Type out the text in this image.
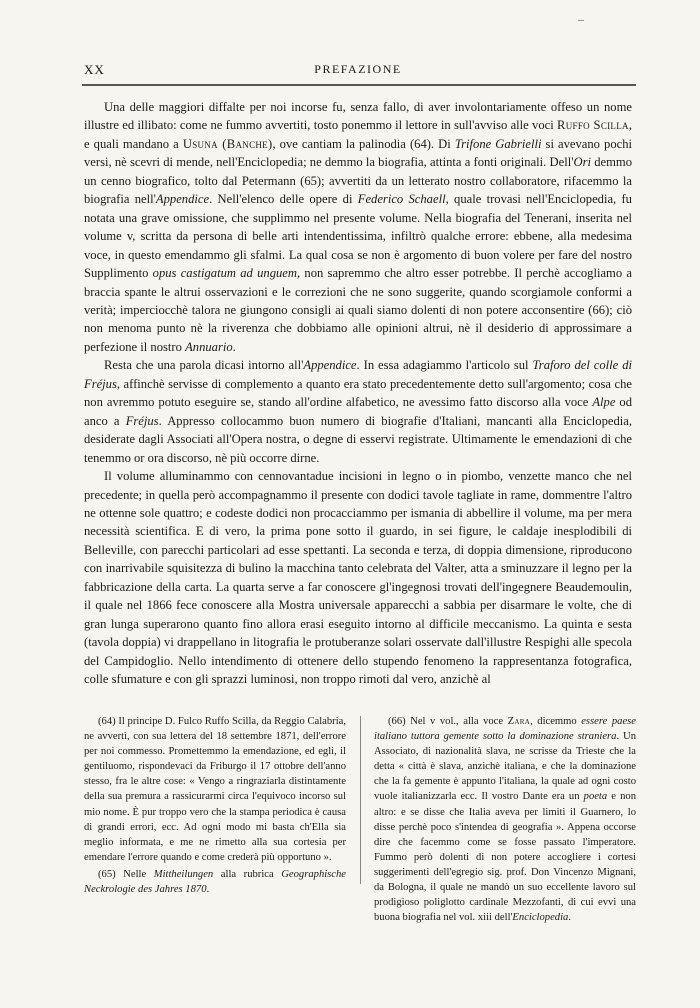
XX	PREFAZIONE

Una delle maggiori diffalte per noi incorse fu, senza fallo, di aver involontariamente offeso un nome illustre ed illibato: come ne fummo avvertiti, tosto ponemmo il lettore in sull'avviso alle voci Ruffo Scilla, e quali mandano a Usuna (Banche), ove cantiam la palinodia (64). Di Trifone Gabrielli si avevano pochi versi, nè scevri di mende, nell'Enciclopedia; ne demmo la biografia, attinta a fonti originali. Dell'Ori demmo un cenno biografico, tolto dal Petermann (65); avvertiti da un letterato nostro collaboratore, rifacemmo la biografia nell'Appendice. Nell'elenco delle opere di Federico Schaell, quale trovasi nell'Enciclopedia, fu notata una grave omissione, che supplimmo nel presente volume. Nella biografia del Tenerani, inserita nel volume v, scritta da persona di belle arti intendentissima, infiltrò qualche errore: ebbene, alla medesima voce, in questo emendammo gli sfalmi. La qual cosa se non è argomento di buon volere per fare del nostro Supplimento opus castigatum ad unguem, non sapremmo che altro esser potrebbe. Il perchè accogliamo a braccia spante le altrui osservazioni e le correzioni che ne sono suggerite, quando scorgiamole conformi a verità; imperciocchè talora ne giungono consigli ai quali siamo dolenti di non potere acconsentire (66); ciò non menoma punto nè la riverenza che dobbiamo alle opinioni altrui, nè il desiderio di approssimare a perfezione il nostro Annuario.

Resta che una parola dicasi intorno all'Appendice. In essa adagiammo l'articolo sul Traforo del colle di Fréjus, affinchè servisse di complemento a quanto era stato precedentemente detto sull'argomento; cosa che non avremmo potuto eseguire se, stando all'ordine alfabetico, ne avessimo fatto discorso alla voce Alpe od anco a Fréjus. Appresso collocammo buon numero di biografie d'Italiani, mancanti alla Enciclopedia, desiderate dagli Associati all'Opera nostra, o degne di esservi registrate. Ultimamente le emendazioni di che tenemmo or ora discorso, nè più occorre dirne.

Il volume alluminammo con cennovantadue incisioni in legno o in piombo, venzette manco che nel precedente; in quella però accompagnammo il presente con dodici tavole tagliate in rame, dommentre l'altro ne ottenne sole quattro; e codeste dodici non procacciammo per ismania di abbellire il volume, ma per mera necessità scientifica. E di vero, la prima pone sotto il guardo, in sei figure, le caldaje inesplodibili di Belleville, con parecchi particolari ad esse spettanti. La seconda e terza, di doppia dimensione, riproducono con inarrivabile squisitezza di bulino la macchina tanto celebrata del Valter, atta a sminuzzare il legno per la fabbricazione della carta. La quarta serve a far conoscere gl'ingegnosi trovati dell'ingegnere Beaudemoulin, il quale nel 1866 fece conoscere alla Mostra universale apparecchi a sabbia per disarmare le volte, che di gran lunga superarono quanto fino allora erasi eseguito intorno al difficile meccanismo. La quinta e sesta (tavola doppia) vi drappellano in litografia le protuberanze solari osservate dall'illustre Respighi alle specola del Campidoglio. Nello intendimento di ottenere dello stupendo fenomeno la rappresentanza fotografica, colle sfumature e con gli sprazzi luminosi, non troppo rimoti dal vero, anzichè al

(64) Il principe D. Fulco Ruffo Scilla, da Reggio Calabria, ne avvertì, con sua lettera del 18 settembre 1871, dell'errore per noi commesso. Promettemmo la emendazione, ed egli, il gentiluomo, rispondevaci da Friburgo il 17 ottobre dell'anno stesso, fra le altre cose: « Vengo a ringraziarla distintamente della sua premura a rassicurarmi circa l'equivoco incorso sul mio nome. È pur troppo vero che la stampa periodica è causa di grandi errori, ecc. Ad ogni modo mi basta ch'Ella sia meglio informata, e me ne rimetto alla sua cortesia per emendare l'errore quando e come crederà più opportuno ».

(65) Nelle Mittheilungen alla rubrica Geographische Neckrologie des Jahres 1870.

(66) Nel v vol., alla voce Zara, dicemmo essere paese italiano tuttora gemente sotto la dominazione straniera. Un Associato, di nazionalità slava, ne scrisse da Trieste che la detta « città è slava, anzichè italiana, e che la dominazione che la fa gemente è appunto l'italiana, la quale ad ogni costo vuole italianizzarla ecc. Il vostro Dante era un poeta e non altro: e se disse che Italia aveva per limiti il Guarnero, lo disse perchè poco s'intendea di geografia ». Appena occorse dire che facemmo come se fosse passato l'imperatore. Fummo però dolenti di non potere accogliere i cortesi suggerimenti dell'egregio sig. prof. Don Vincenzo Mignani, da Bologna, il quale ne mandò un suo eccellente lavoro sul prodigioso poliglotto cardinale Mezzofanti, di cui evvi una buona biografia nel vol. xiii dell'Enciclopedia.
